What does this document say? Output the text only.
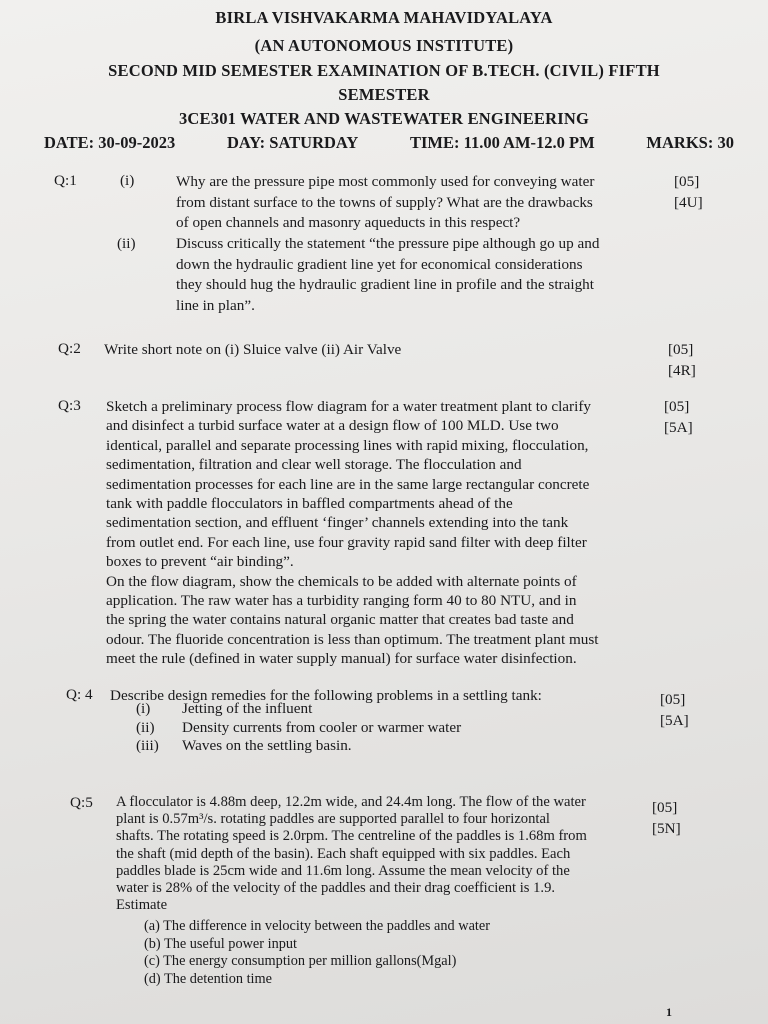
BIRLA VISHVAKARMA MAHAVIDYALAYA
(AN AUTONOMOUS INSTITUTE)
SECOND MID SEMESTER EXAMINATION OF B.TECH. (CIVIL) FIFTH
SEMESTER
3CE301 WATER AND WASTEWATER ENGINEERING
DATE: 30-09-2023	DAY: SATURDAY	TIME: 11.00 AM-12.0 PM	MARKS: 30
Q:1	(i)	Why are the pressure pipe most commonly used for conveying water
from distant surface to the towns of supply? What are the drawbacks
of open channels and masonry aqueducts in this respect?
(ii)	Discuss critically the statement “the pressure pipe although go up and
down the hydraulic gradient line yet for economical considerations
they should hug the hydraulic gradient line in profile and the straight
line in plan”.
[05]
[4U]
Q:2 Write short note on (i) Sluice valve (ii) Air Valve	[05]
[4R]
Q:3 Sketch a preliminary process flow diagram for a water treatment plant to clarify
and disinfect a turbid surface water at a design flow of 100 MLD. Use two
identical, parallel and separate processing lines with rapid mixing, flocculation,
sedimentation, filtration and clear well storage. The flocculation and
sedimentation processes for each line are in the same large rectangular concrete
tank with paddle flocculators in baffled compartments ahead of the
sedimentation section, and effluent ‘finger’ channels extending into the tank
from outlet end. For each line, use four gravity rapid sand filter with deep filter
boxes to prevent “air binding”.
On the flow diagram, show the chemicals to be added with alternate points of
application. The raw water has a turbidity ranging form 40 to 80 NTU, and in
the spring the water contains natural organic matter that creates bad taste and
odour. The fluoride concentration is less than optimum. The treatment plant must
meet the rule (defined in water supply manual) for surface water disinfection.
[05]
[5A]
Q: 4 Describe design remedies for the following problems in a settling tank:
(i)	Jetting of the influent
(ii)	Density currents from cooler or warmer water
(iii)	Waves on the settling basin.
[05]
[5A]
Q:5 A flocculator is 4.88m deep, 12.2m wide, and 24.4m long. The flow of the water
plant is 0.57m³/s. rotating paddles are supported parallel to four horizontal
shafts. The rotating speed is 2.0rpm. The centreline of the paddles is 1.68m from
the shaft (mid depth of the basin). Each shaft equipped with six paddles. Each
paddles blade is 25cm wide and 11.6m long. Assume the mean velocity of the
water is 28% of the velocity of the paddles and their drag coefficient is 1.9.
Estimate
(a) The difference in velocity between the paddles and water
(b) The useful power input
(c) The energy consumption per million gallons(Mgal)
(d) The detention time
[05]
[5N]
1
